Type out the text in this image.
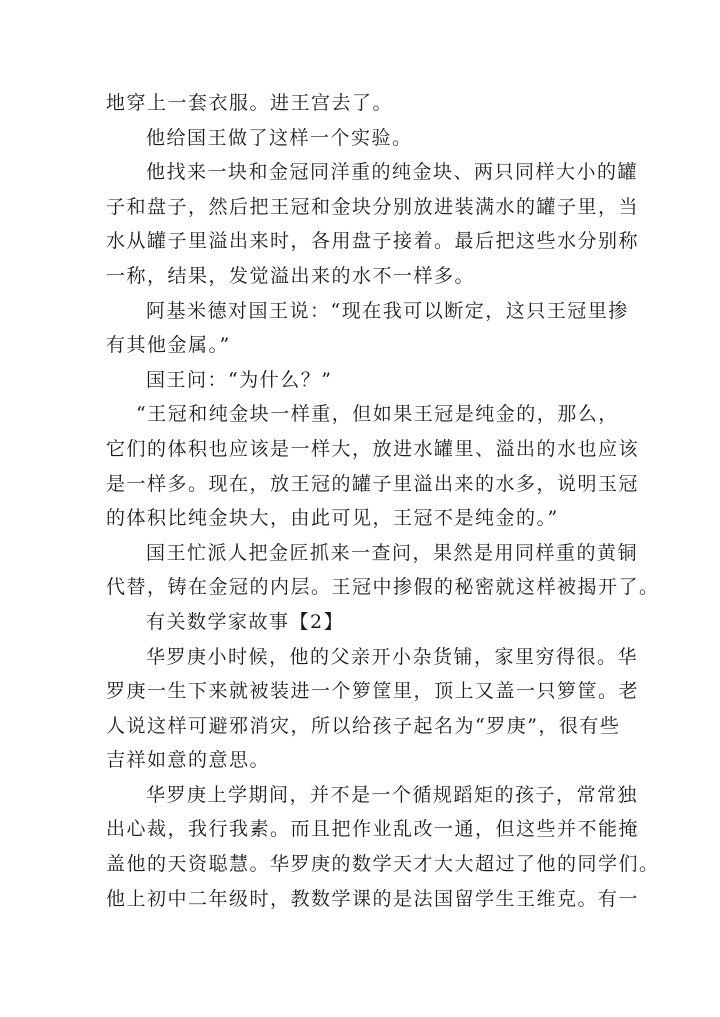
地穿上一套衣服。进王宫去了。
他给国王做了这样一个实验。
他找来一块和金冠同洋重的纯金块、两只同样大小的罐
子和盘子，然后把王冠和金块分别放进装满水的罐子里，当
水从罐子里溢出来时，各用盘子接着。最后把这些水分别称
一称，结果，发觉溢出来的水不一样多。
阿基米德对国王说：“现在我可以断定，这只王冠里掺
有其他金属。”
国王问：“为什么？”
“王冠和纯金块一样重，但如果王冠是纯金的，那么，
它们的体积也应该是一样大，放进水罐里、溢出的水也应该
是一样多。现在，放王冠的罐子里溢出来的水多，说明玉冠
的体积比纯金块大，由此可见，王冠不是纯金的。”
国王忙派人把金匠抓来一查问，果然是用同样重的黄铜
代替，铸在金冠的内层。王冠中掺假的秘密就这样被揭开了。
有关数学家故事【2】
华罗庚小时候，他的父亲开小杂货铺，家里穷得很。华
罗庚一生下来就被装进一个箩筐里，顶上又盖一只箩筐。老
人说这样可避邪消灾，所以给孩子起名为“罗庚”，很有些
吉祥如意的意思。
华罗庚上学期间，并不是一个循规蹈矩的孩子，常常独
出心裁，我行我素。而且把作业乱改一通，但这些并不能掩
盖他的天资聪慧。华罗庚的数学天才大大超过了他的同学们。
他上初中二年级时，教数学课的是法国留学生王维克。有一
